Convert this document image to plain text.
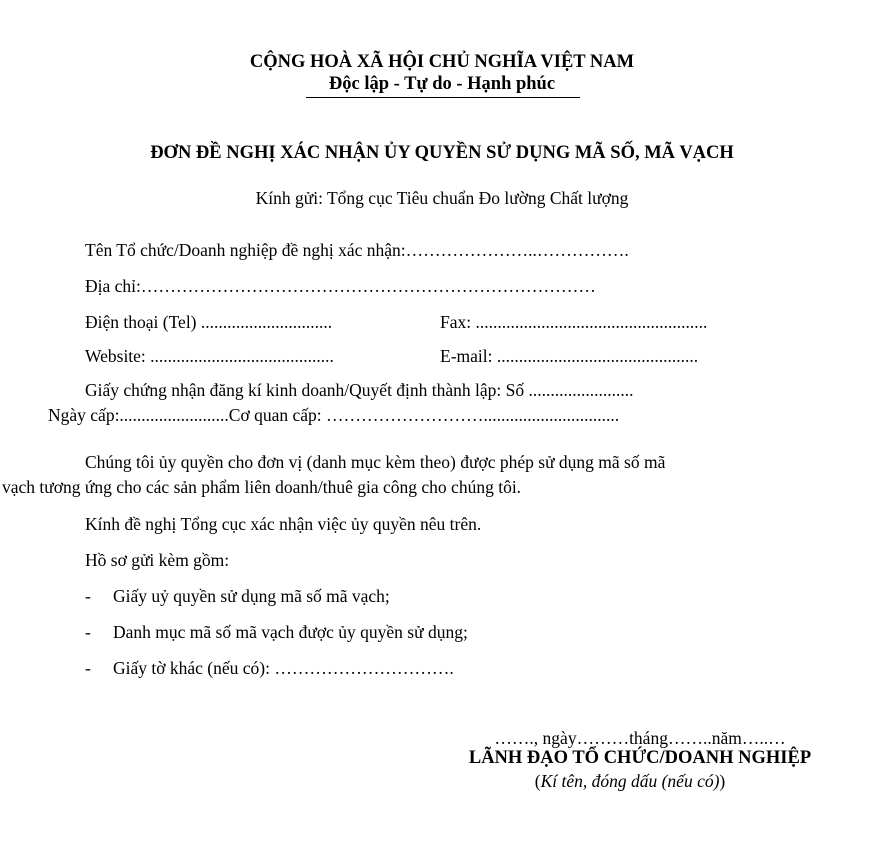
CỘNG HOÀ XÃ HỘI CHỦ NGHĨA VIỆT NAM
Độc lập - Tự do - Hạnh phúc
ĐƠN ĐỀ NGHỊ XÁC NHẬN ỦY QUYỀN SỬ DỤNG MÃ SỐ, MÃ VẠCH
Kính gửi: Tổng cục Tiêu chuẩn Đo lường Chất lượng
Tên Tổ chức/Doanh nghiệp đề nghị xác nhận:…………………..…………….
Địa chỉ:……………………………………………………………………
Điện thoại (Tel) ..............................	Fax: .....................................................
Website: ..........................................	E-mail: ..............................................
Giấy chứng nhận đăng kí kinh doanh/Quyết định thành lập: Số ........................
Ngày cấp:.........................Cơ quan cấp: ………………………...............................
Chúng tôi ủy quyền cho đơn vị (danh mục kèm theo) được phép sử dụng mã số mã
vạch tương ứng cho các sản phẩm liên doanh/thuê gia công cho chúng tôi.
Kính đề nghị Tổng cục xác nhận việc ủy quyền nêu trên.
Hồ sơ gửi kèm gồm:
- Giấy uỷ quyền sử dụng mã số mã vạch;
- Danh mục mã số mã vạch được ủy quyền sử dụng;
- Giấy tờ khác (nếu có): ………………………….
……., ngày………tháng……..năm…..…
LÃNH ĐẠO TỔ CHỨC/DOANH NGHIỆP
(Kí tên, đóng dấu (nếu có))
